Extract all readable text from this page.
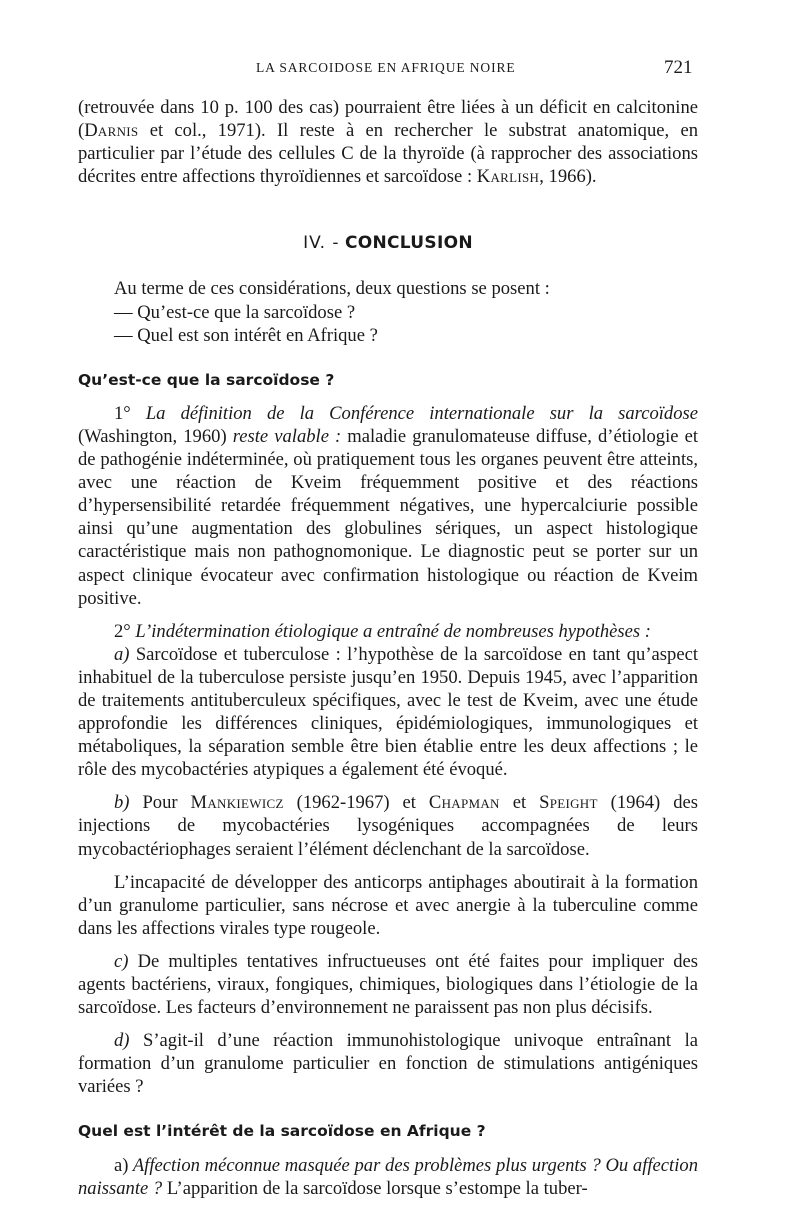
LA SARCOIDOSE EN AFRIQUE NOIRE	721

(retrouvée dans 10 p. 100 des cas) pourraient être liées à un déficit en calcitonine (Darnis et col., 1971). Il reste à en rechercher le substrat anatomique, en particulier par l’étude des cellules C de la thyroïde (à rapprocher des associations décrites entre affections thyroïdiennes et sarcoïdose : Karlish, 1966).

IV. - CONCLUSION

Au terme de ces considérations, deux questions se posent :

— Qu’est-ce que la sarcoïdose ?

— Quel est son intérêt en Afrique ?

Qu’est-ce que la sarcoïdose ?

1° La définition de la Conférence internationale sur la sarcoïdose (Washington, 1960) reste valable : maladie granulomateuse diffuse, d’étiologie et de pathogénie indéterminée, où pratiquement tous les organes peuvent être atteints, avec une réaction de Kveim fréquemment positive et des réactions d’hypersensibilité retardée fréquemment négatives, une hypercalciurie possible ainsi qu’une augmentation des globulines sériques, un aspect histologique caractéristique mais non pathognomonique. Le diagnostic peut se porter sur un aspect clinique évocateur avec confirmation histologique ou réaction de Kveim positive.

2° L’indétermination étiologique a entraîné de nombreuses hypothèses :

a) Sarcoïdose et tuberculose : l’hypothèse de la sarcoïdose en tant qu’aspect inhabituel de la tuberculose persiste jusqu’en 1950. Depuis 1945, avec l’apparition de traitements antituberculeux spécifiques, avec le test de Kveim, avec une étude approfondie les différences cliniques, épidémiologiques, immunologiques et métaboliques, la séparation semble être bien établie entre les deux affections ; le rôle des mycobactéries atypiques a également été évoqué.

b) Pour Mankiewicz (1962-1967) et Chapman et Speight (1964) des injections de mycobactéries lysogéniques accompagnées de leurs mycobactériophages seraient l’élément déclenchant de la sarcoïdose.

L’incapacité de développer des anticorps antiphages aboutirait à la formation d’un granulome particulier, sans nécrose et avec anergie à la tuberculine comme dans les affections virales type rougeole.

c) De multiples tentatives infructueuses ont été faites pour impliquer des agents bactériens, viraux, fongiques, chimiques, biologiques dans l’étiologie de la sarcoïdose. Les facteurs d’environnement ne paraissent pas non plus décisifs.

d) S’agit-il d’une réaction immunohistologique univoque entraînant la formation d’un granulome particulier en fonction de stimulations antigéniques variées ?

Quel est l’intérêt de la sarcoïdose en Afrique ?

a) Affection méconnue masquée par des problèmes plus urgents ? Ou affection naissante ? L’apparition de la sarcoïdose lorsque s’estompe la tuber-
